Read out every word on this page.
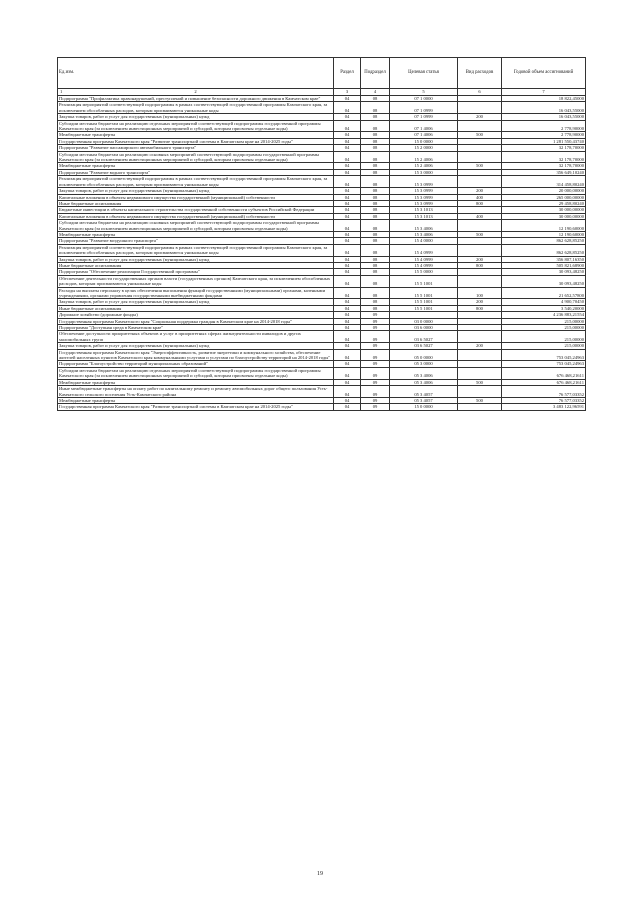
Ед.изм.	Раздел	Подраздел	Целевая статья	Вид расходов	Годовой объем ассигнований

1 2	3	4	5	6	7
Подпрограмма "Профилактика правонарушений, преступлений и повышение безопасности дорожного движения в Камчатском крае"	04	08	07 1 0000		18 822,45000
Реализация мероприятий соответствующей подпрограммы в рамках соответствующей государственной программы Камчатского края, за исключением обособленных расходов, которым присваиваются уникальные коды	04	08	07 1 0999		16 043,55000
Закупка товаров, работ и услуг для государственных (муниципальных) нужд	04	08	07 1 0999	200	16 043,55000
Субсидии местным бюджетам на реализацию отдельных мероприятий соответствующей подпрограммы государственной программы Камчатского края (за исключением инвестиционных мероприятий и субсидий, которым присвоены отдельные коды)	04	08	07 1 4006		2 778,90000
Межбюджетные трансферты	04	08	07 1 4006	500	2 778,90000
Государственная программа Камчатского края "Развитие транспортной системы в Камчатском крае на 2014-2025 годы"	04	08	15 0 0000		1 281 550,43740
Подпрограмма "Развитие пассажирского автомобильного транспорта"	04	08	15 2 0000		32 178,70000
Субсидии местным бюджетам на реализацию основных мероприятий соответствующей подпрограммы государственной программы Камчатского края (за исключением инвестиционных мероприятий и субсидий, которым присвоены отдельные коды)	04	08	15 2 4006		32 178,70000
Межбюджетные трансферты	04	08	15 2 4006	500	32 178,70000
Подпрограмма "Развитие водного транспорта"	04	08	15 3 0000		356 649,10240
Реализация мероприятий соответствующей подпрограммы в рамках соответствующей государственной программы Камчатского края, за исключением обособленных расходов, которым присваиваются уникальные коды	04	08	15 3 0999		314 458,80240
Закупка товаров, работ и услуг для государственных (муниципальных) нужд	04	08	15 3 0999	200	20 000,00000
Капитальные вложения в объекты недвижимого имущества государственной (муниципальной) собственности	04	08	15 3 0999	400	265 000,00000
Иные бюджетные ассигнования	04	08	15 3 0999	800	29 458,80240
Бюджетные инвестиции в объекты капитального строительства государственной собственности субъектов Российской Федерации	04	08	15 3 1013		30 000,00000
Капитальные вложения в объекты недвижимого имущества государственной (муниципальной) собственности	04	08	15 3 1013	400	30 000,00000
Субсидии местным бюджетам на реализацию основных мероприятий соответствующей подпрограммы государственной программы Камчатского края (за исключением инвестиционных мероприятий и субсидий, которым присвоены отдельные коды)	04	08	15 3 4006		12 190,60000
Межбюджетные трансферты	04	08	15 3 4006	500	12 190,60000
Подпрограмма "Развитие воздушного транспорта"	04	08	15 4 0000		862 628,85250
Реализация мероприятий соответствующей подпрограммы в рамках соответствующей государственной программы Камчатского края, за исключением обособленных расходов, которым присваиваются уникальные коды	04	08	15 4 0999		862 628,85250
Закупка товаров, работ и услуг для государственных (муниципальных) нужд	04	08	15 4 0999	200	356 807,16350
Иные бюджетные ассигнования	04	08	15 4 0999	800	505 821,68900
Подпрограмма "Обеспечение реализации Государственной программы"	04	08	15 5 0000		30 093,48250
Обеспечение деятельности государственных органов власти (государственных органов) Камчатского края, за исключением обособленных расходов, которым присваиваются уникальные коды	04	08	15 5 1001		30 093,48250
Расходы на выплаты персоналу в целях обеспечения выполнения функций государственными (муниципальными) органами, казенными учреждениями, органами управления государственными внебюджетными фондами	04	08	15 5 1001	100	21 652,57800
Закупка товаров, работ и услуг для государственных (муниципальных) нужд	04	08	15 5 1001	200	4 900,70450
Иные бюджетные ассигнования	04	08	15 5 1001	800	3 540,20000
Дорожное хозяйство (дорожные фонды)	04	09			4 236 883,21554
Государственная программа Камчатского края "Социальная поддержка граждан в Камчатском крае на 2014-2018 годы"	04	09	03 0 0000		215,00000
Подпрограмма "Доступная среда в Камчатском крае"	04	09	03 6 0000		215,00000
Обеспечение доступности приоритетных объектов и услуг в приоритетных сферах жизнедеятельности инвалидов и других маломобильных групп	04	09	03 6 5027		215,00000
Закупка товаров, работ и услуг для государственных (муниципальных) нужд	04	09	03 6 5027	200	215,00000
Государственная программа Камчатского края "Энергоэффективность, развитие энергетики и коммунального хозяйства, обеспечение жителей населенных пунктов Камчатского края коммунальными услугами и услугами по благоустройству территорий на 2014-2018 годы"	04	09	05 0 0000		753 045,24963
Подпрограмма "Благоустройство территорий муниципальных образований"	04	09	05 3 0000		753 045,24963
Субсидии местным бюджетам на реализацию отдельных мероприятий соответствующей подпрограммы государственной программы Камчатского края (за исключением инвестиционных мероприятий и субсидий, которым присвоены отдельные коды)	04	09	05 3 4006		676 468,21611
Межбюджетные трансферты	04	09	05 3 4006	500	676 468,21611
Иные межбюджетные трансферты на оплату работ по капитальному ремонту и ремонту автомобильных дорог общего пользования Усть-Камчатского сельского поселения Усть-Камчатского района	04	09	05 3 4057		76 577,03352
Межбюджетные трансферты	04	09	05 3 4057	500	76 577,03352
Государственная программа Камчатского края "Развитие транспортной системы в Камчатском крае на 2014-2025 годы"	04	09	15 0 0000		3 483 122,96591
19
